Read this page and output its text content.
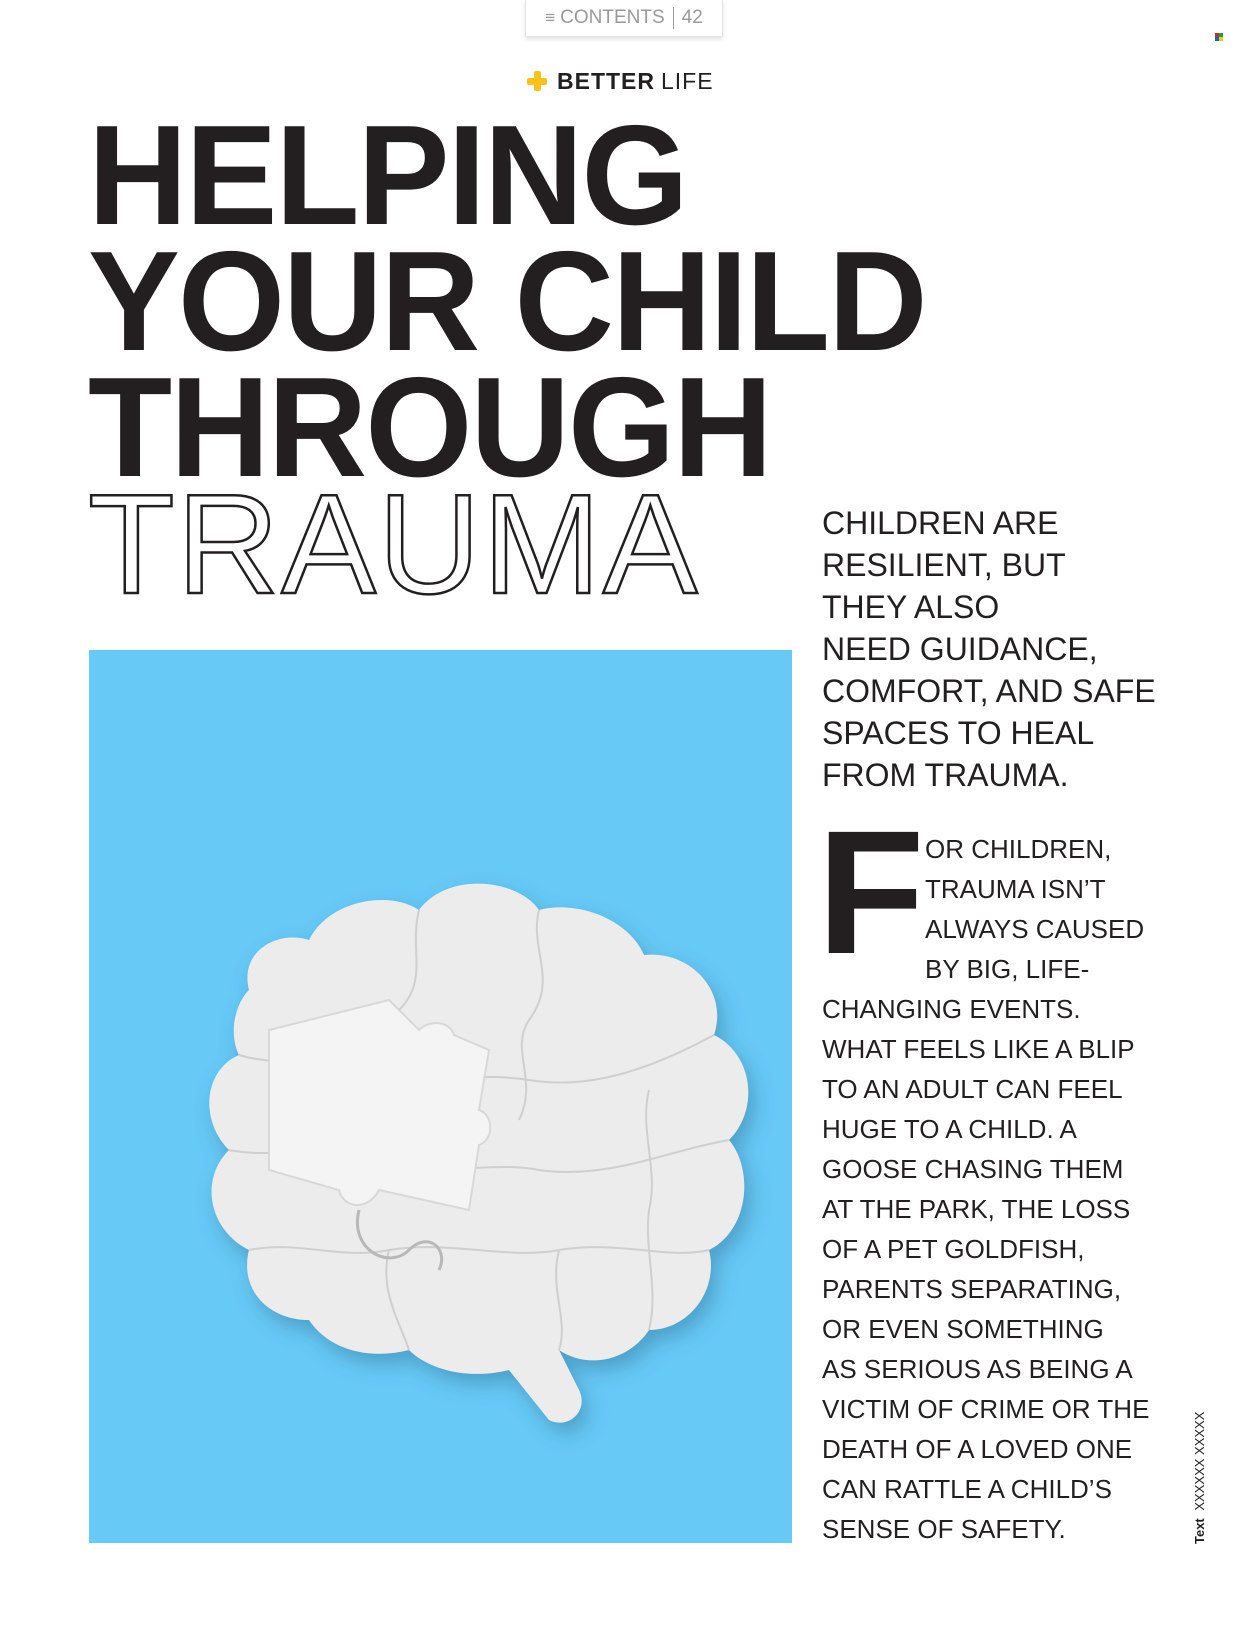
≡ CONTENTS 42
BETTER LIFE
HELPING
YOUR CHILD
THROUGH
TRAUMA	CHILDREN ARE
RESILIENT, BUT
THEY ALSO
NEED GUIDANCE,
COMFORT, AND SAFE
SPACES TO HEAL
FROM TRAUMA.
F OR CHILDREN,
TRAUMA ISN’T
ALWAYS CAUSED
BY BIG, LIFE-
CHANGING EVENTS.
WHAT FEELS LIKE A BLIP
TO AN ADULT CAN FEEL
HUGE TO A CHILD. A
GOOSE CHASING THEM
AT THE PARK, THE LOSS
OF A PET GOLDFISH,
PARENTS SEPARATING,
OR EVEN SOMETHING
AS SERIOUS AS BEING A
VICTIM OF CRIME OR THE
DEATH OF A LOVED ONE
CAN RATTLE A CHILD’S
SENSE OF SAFETY.	Text XXXXXX XXXXX
